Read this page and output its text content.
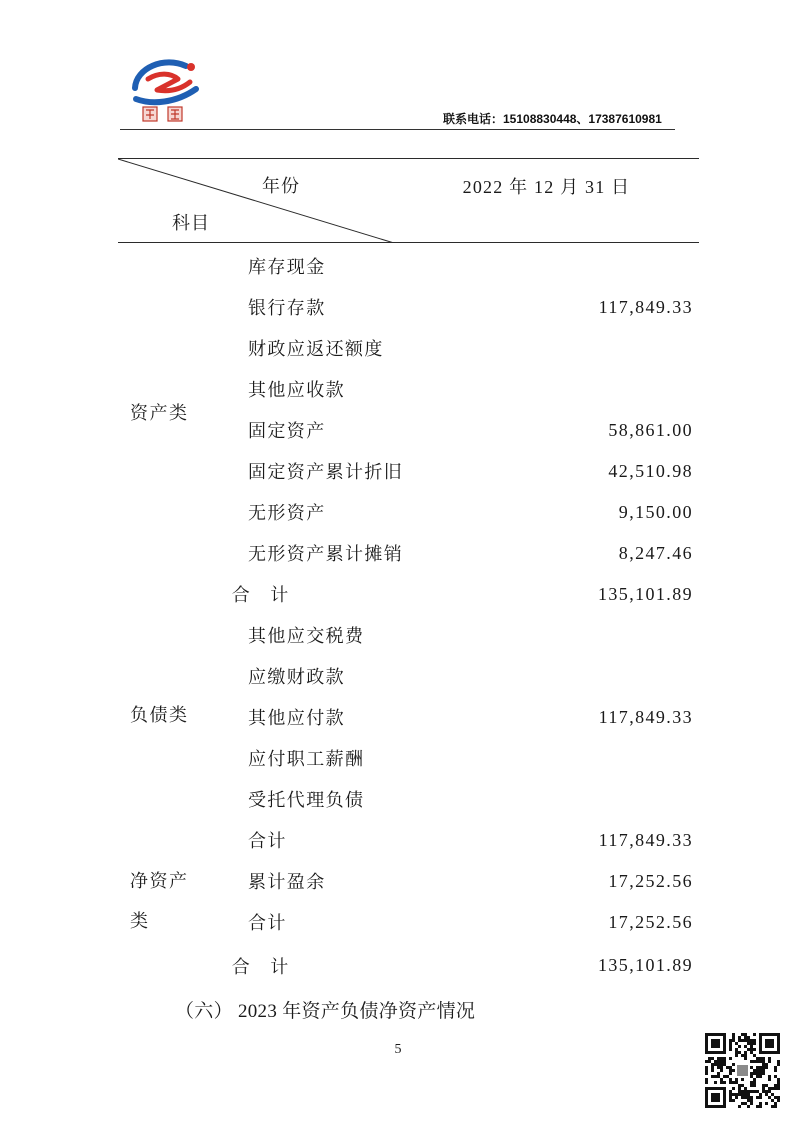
联系电话：15108830448、17387610981
年份
科目		2022 年 12 月 31 日
资产类	库存现金	
	银行存款	117,849.33
	财政应返还额度	
	其他应收款	
	固定资产	58,861.00
	固定资产累计折旧	42,510.98
	无形资产	9,150.00
	无形资产累计摊销	8,247.46
合 计		135,101.89
负债类	其他应交税费	
	应缴财政款	
	其他应付款	117,849.33
	应付职工薪酬	
	受托代理负债	
	合计	117,849.33

净资产类	累计盈余	17,252.56
	合计	17,252.56
合 计		135,101.89
（六） 2023 年资产负债净资产情况
5
